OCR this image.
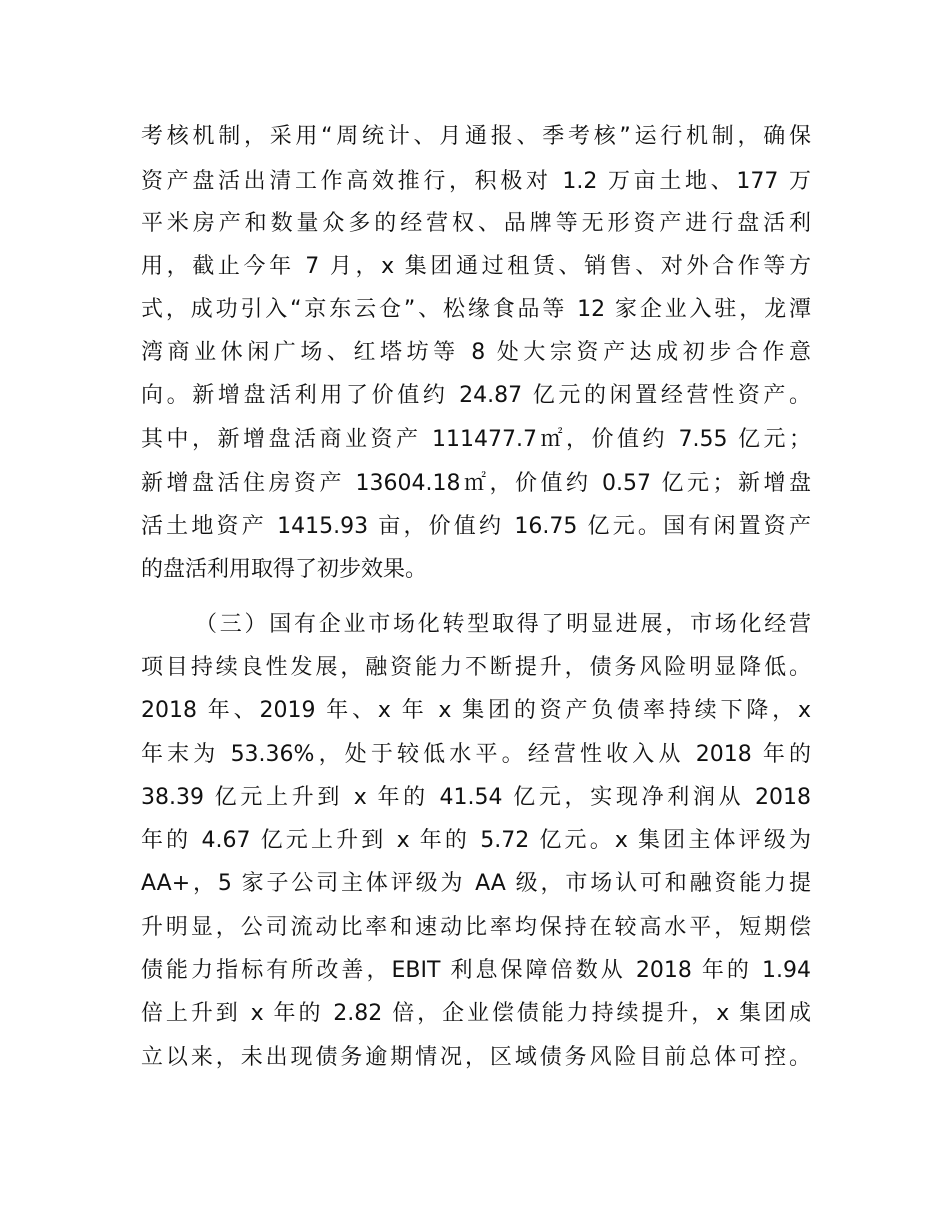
考核机制，采用“周统计、月通报、季考核”运行机制，确保
资产盘活出清工作高效推行，积极对 1.2 万亩土地、177 万
平米房产和数量众多的经营权、品牌等无形资产进行盘活利
用，截止今年 7 月，x 集团通过租赁、销售、对外合作等方
式，成功引入“京东云仓”、松缘食品等 12 家企业入驻，龙潭
湾商业休闲广场、红塔坊等 8 处大宗资产达成初步合作意
向。新增盘活利用了价值约 24.87 亿元的闲置经营性资产。
其中，新增盘活商业资产 111477.7㎡，价值约 7.55 亿元；
新增盘活住房资产 13604.18㎡，价值约 0.57 亿元；新增盘
活土地资产 1415.93 亩，价值约 16.75 亿元。国有闲置资产
的盘活利用取得了初步效果。
（三）国有企业市场化转型取得了明显进展，市场化经营
项目持续良性发展，融资能力不断提升，债务风险明显降低。
2018 年、2019 年、x 年 x 集团的资产负债率持续下降，x
年末为 53.36%，处于较低水平。经营性收入从 2018 年的
38.39 亿元上升到 x 年的 41.54 亿元，实现净利润从 2018
年的 4.67 亿元上升到 x 年的 5.72 亿元。x 集团主体评级为
AA+，5 家子公司主体评级为 AA 级，市场认可和融资能力提
升明显，公司流动比率和速动比率均保持在较高水平，短期偿
债能力指标有所改善，EBIT 利息保障倍数从 2018 年的 1.94
倍上升到 x 年的 2.82 倍，企业偿债能力持续提升，x 集团成
立以来，未出现债务逾期情况，区域债务风险目前总体可控。
